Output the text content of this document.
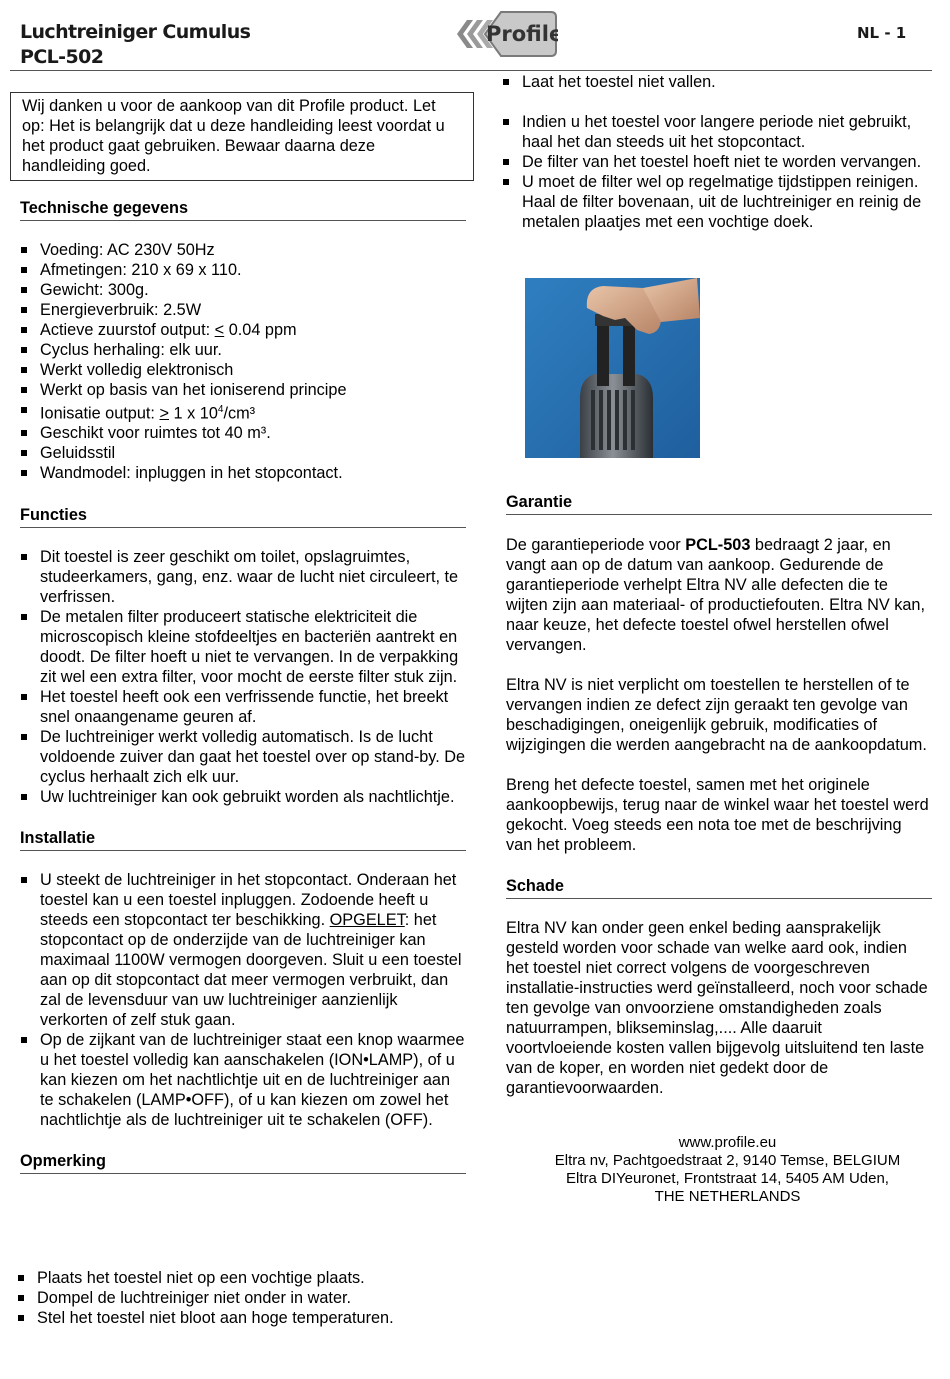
Luchtreiniger Cumulus
PCL-502
Profile	NL - 1
Wij danken u voor de aankoop van dit Profile product. Let op: Het is belangrijk dat u deze handleiding leest voordat u het product gaat gebruiken. Bewaar daarna deze handleiding goed.
Technische gegevens
Voeding: AC 230V 50Hz
Afmetingen: 210 x 69 x 110.
Gewicht: 300g.
Energieverbruik: 2.5W
Actieve zuurstof output: < 0.04 ppm
Cyclus herhaling: elk uur.
Werkt volledig elektronisch
Werkt op basis van het ioniserend principe
Ionisatie output: > 1 x $10^4$/cm³
Geschikt voor ruimtes tot 40 m³.
Geluidsstil
Wandmodel: inpluggen in het stopcontact.
Functies
Dit toestel is zeer geschikt om toilet, opslagruimtes, studeerkamers, gang, enz. waar de lucht niet circuleert, te verfrissen.
De metalen filter produceert statische elektriciteit die microscopisch kleine stofdeeltjes en bacteriën aantrekt en doodt. De filter hoeft u niet te vervangen. In de verpakking zit wel een extra filter, voor mocht de eerste filter stuk zijn.
Het toestel heeft ook een verfrissende functie, het breekt snel onaangename geuren af.
De luchtreiniger werkt volledig automatisch. Is de lucht voldoende zuiver dan gaat het toestel over op stand-by. De cyclus herhaalt zich elk uur.
Uw luchtreiniger kan ook gebruikt worden als nachtlichtje.
Installatie
U steekt de luchtreiniger in het stopcontact. Onderaan het toestel kan u een toestel inpluggen. Zodoende heeft u steeds een stopcontact ter beschikking. OPGELET: het stopcontact op de onderzijde van de luchtreiniger kan maximaal 1100W vermogen doorgeven. Sluit u een toestel aan op dit stopcontact dat meer vermogen verbruikt, dan zal de levensduur van uw luchtreiniger aanzienlijk verkorten of zelf stuk gaan.
Op de zijkant van de luchtreiniger staat een knop waarmee u het toestel volledig kan aanschakelen (ION•LAMP), of u kan kiezen om het nachtlichtje uit en de luchtreiniger aan te schakelen (LAMP•OFF), of u kan kiezen om zowel het nachtlichtje als de luchtreiniger uit te schakelen (OFF).
Opmerking
Plaats het toestel niet op een vochtige plaats.
Dompel de luchtreiniger niet onder in water.
Stel het toestel niet bloot aan hoge temperaturen.
Laat het toestel niet vallen.
Indien u het toestel voor langere periode niet gebruikt, haal het dan steeds uit het stopcontact.
De filter van het toestel hoeft niet te worden vervangen.
U moet de filter wel op regelmatige tijdstippen reinigen. Haal de filter bovenaan, uit de luchtreiniger en reinig de metalen plaatjes met een vochtige doek.
Garantie

De garantieperiode voor PCL-503 bedraagt 2 jaar, en vangt aan op de datum van aankoop. Gedurende de garantieperiode verhelpt Eltra NV alle defecten die te wijten zijn aan materiaal- of productiefouten. Eltra NV kan, naar keuze, het defecte toestel ofwel herstellen ofwel vervangen.

Eltra NV is niet verplicht om toestellen te herstellen of te vervangen indien ze defect zijn geraakt ten gevolge van beschadigingen, oneigenlijk gebruik, modificaties of wijzigingen die werden aangebracht na de aankoopdatum.

Breng het defecte toestel, samen met het originele aankoopbewijs, terug naar de winkel waar het toestel werd gekocht. Voeg steeds een nota toe met de beschrijving van het probleem.

Schade

Eltra NV kan onder geen enkel beding aansprakelijk gesteld worden voor schade van welke aard ook, indien het toestel niet correct volgens de voorgeschreven installatie-instructies werd geïnstalleerd, noch voor schade ten gevolge van onvoorziene omstandigheden zoals natuurrampen, blikseminslag,.... Alle daaruit voortvloeiende kosten vallen bijgevolg uitsluitend ten laste van de koper, en worden niet gedekt door de garantievoorwaarden.

www.profile.eu
Eltra nv, Pachtgoedstraat 2, 9140 Temse, BELGIUM
Eltra DIYeuronet, Frontstraat 14, 5405 AM Uden,
THE NETHERLANDS
